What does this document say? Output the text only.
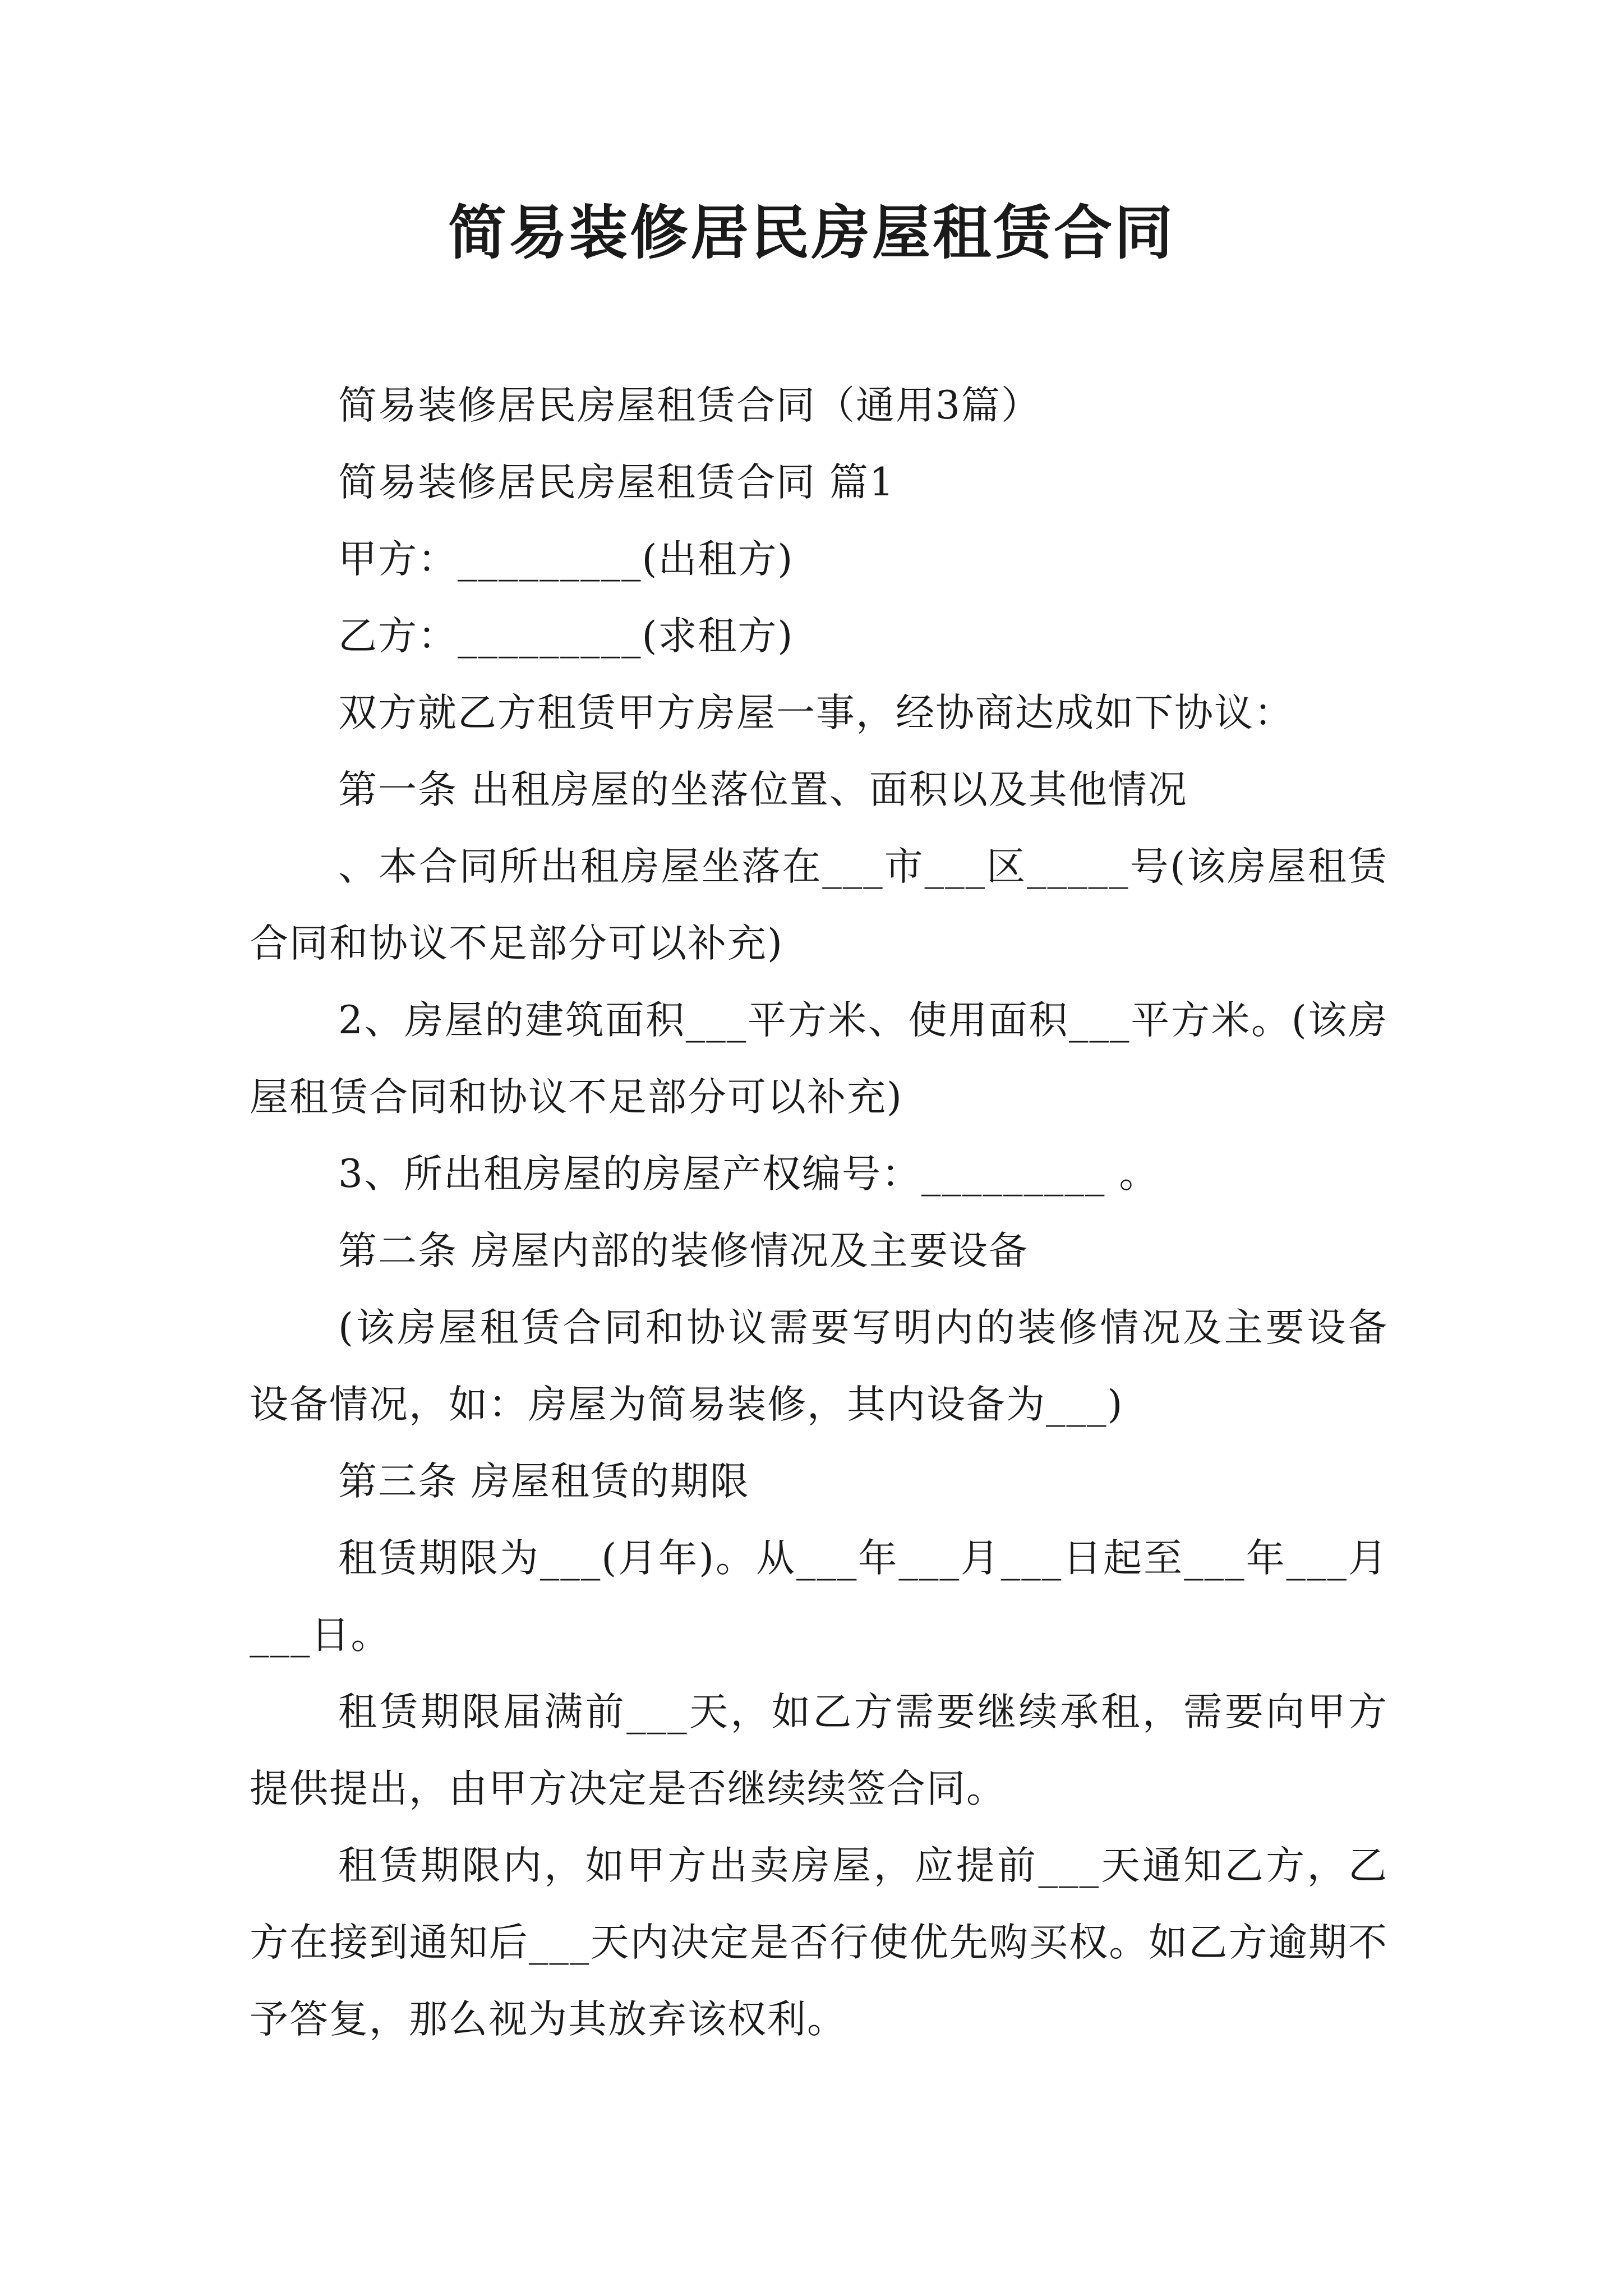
简易装修居民房屋租赁合同

简易装修居民房屋租赁合同（通用3篇）

简易装修居民房屋租赁合同 篇1

甲方：_________(出租方)

乙方：_________(求租方)

双方就乙方租赁甲方房屋一事，经协商达成如下协议：

第一条 出租房屋的坐落位置、面积以及其他情况

、本合同所出租房屋坐落在___市___区_____号(该房屋租赁合同和协议不足部分可以补充)

2、房屋的建筑面积___平方米、使用面积___平方米。(该房屋租赁合同和协议不足部分可以补充)

3、所出租房屋的房屋产权编号：_________ 。

第二条 房屋内部的装修情况及主要设备

(该房屋租赁合同和协议需要写明内的装修情况及主要设备设备情况，如：房屋为简易装修，其内设备为___)

第三条 房屋租赁的期限

租赁期限为___(月年)。从___年___月___日起至___年___月___日。

租赁期限届满前___天，如乙方需要继续承租，需要向甲方提供提出，由甲方决定是否继续续签合同。

租赁期限内，如甲方出卖房屋，应提前___天通知乙方，乙方在接到通知后___天内决定是否行使优先购买权。如乙方逾期不予答复，那么视为其放弃该权利。
